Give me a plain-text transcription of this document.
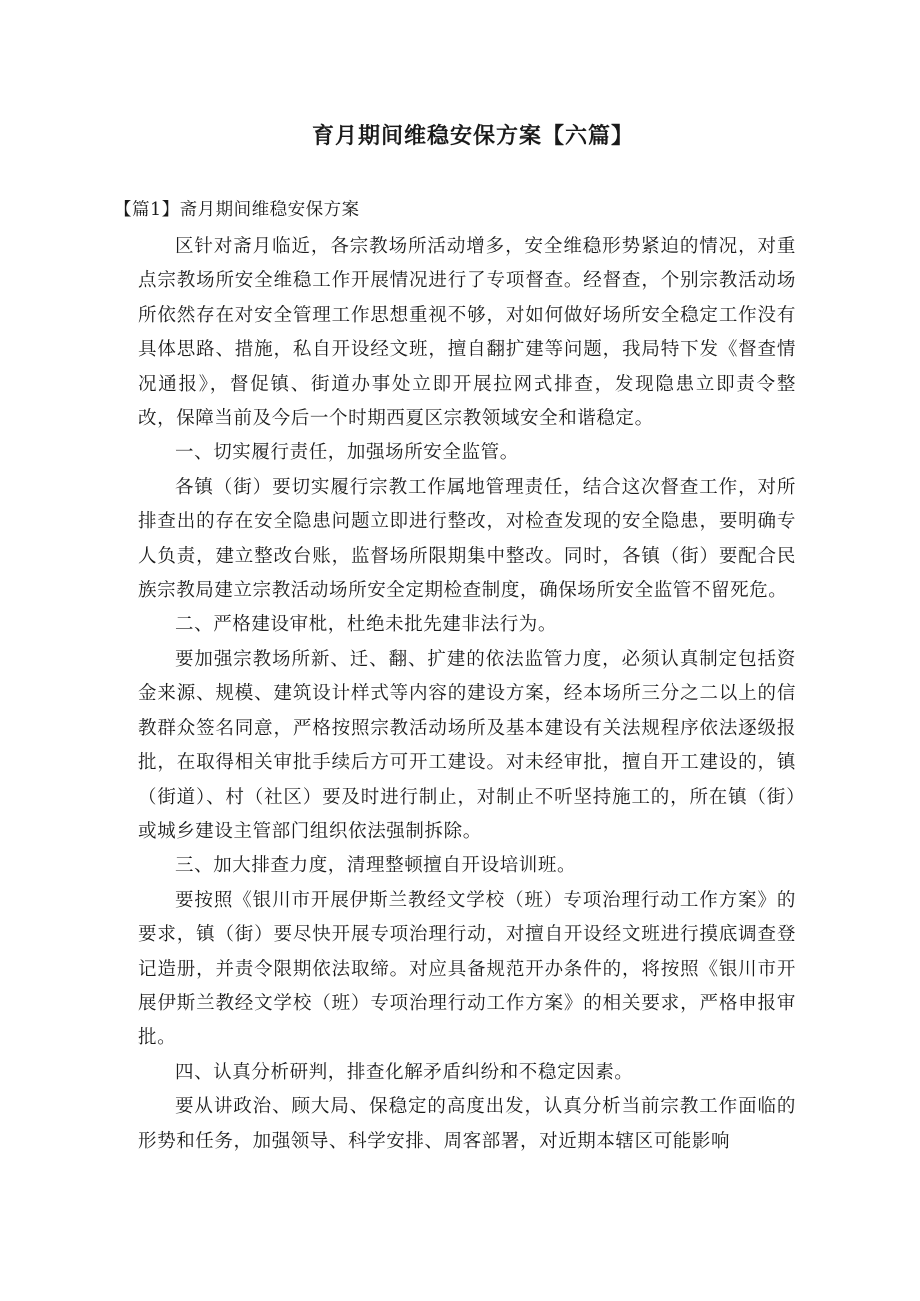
育月期间维稳安保方案【六篇】
【篇1】斋月期间维稳安保方案

区针对斋月临近，各宗教场所活动增多，安全维稳形势紧迫的情况，对重点宗教场所安全维稳工作开展情况进行了专项督查。经督查，个别宗教活动场所依然存在对安全管理工作思想重视不够，对如何做好场所安全稳定工作没有具体思路、措施，私自开设经文班，擅自翻扩建等问题，我局特下发《督查情况通报》，督促镇、街道办事处立即开展拉网式排查，发现隐患立即责令整改，保障当前及今后一个时期西夏区宗教领域安全和谐稳定。

一、切实履行责任，加强场所安全监管。

各镇（街）要切实履行宗教工作属地管理责任，结合这次督查工作，对所排查出的存在安全隐患问题立即进行整改，对检查发现的安全隐患，要明确专人负责，建立整改台账，监督场所限期集中整改。同时，各镇（街）要配合民族宗教局建立宗教活动场所安全定期检查制度，确保场所安全监管不留死危。

二、严格建设审枇，杜绝未批先建非法行为。

要加强宗教场所新、迁、翻、扩建的依法监管力度，必须认真制定包括资金来源、规模、建筑设计样式等内容的建设方案，经本场所三分之二以上的信教群众签名同意，严格按照宗教活动场所及基本建设有关法规程序依法逐级报批，在取得相关审批手续后方可开工建设。对未经审批，擅自开工建设的，镇（街道）、村（社区）要及时进行制止，对制止不听坚持施工的，所在镇（街）或城乡建设主管部门组织依法强制拆除。

三、加大排查力度，清理整顿擅自开设培训班。

要按照《银川市开展伊斯兰教经文学校（班）专项治理行动工作方案》的要求，镇（街）要尽快开展专项治理行动，对擅自开设经文班进行摸底调查登记造册，并责令限期依法取缔。对应具备规范开办条件的，将按照《银川市开展伊斯兰教经文学校（班）专项治理行动工作方案》的相关要求，严格申报审批。

四、认真分析研判，排查化解矛盾纠纷和不稳定因素。

要从讲政治、顾大局、保稳定的高度出发，认真分析当前宗教工作面临的形势和任务，加强领导、科学安排、周客部署，对近期本辖区可能影响
